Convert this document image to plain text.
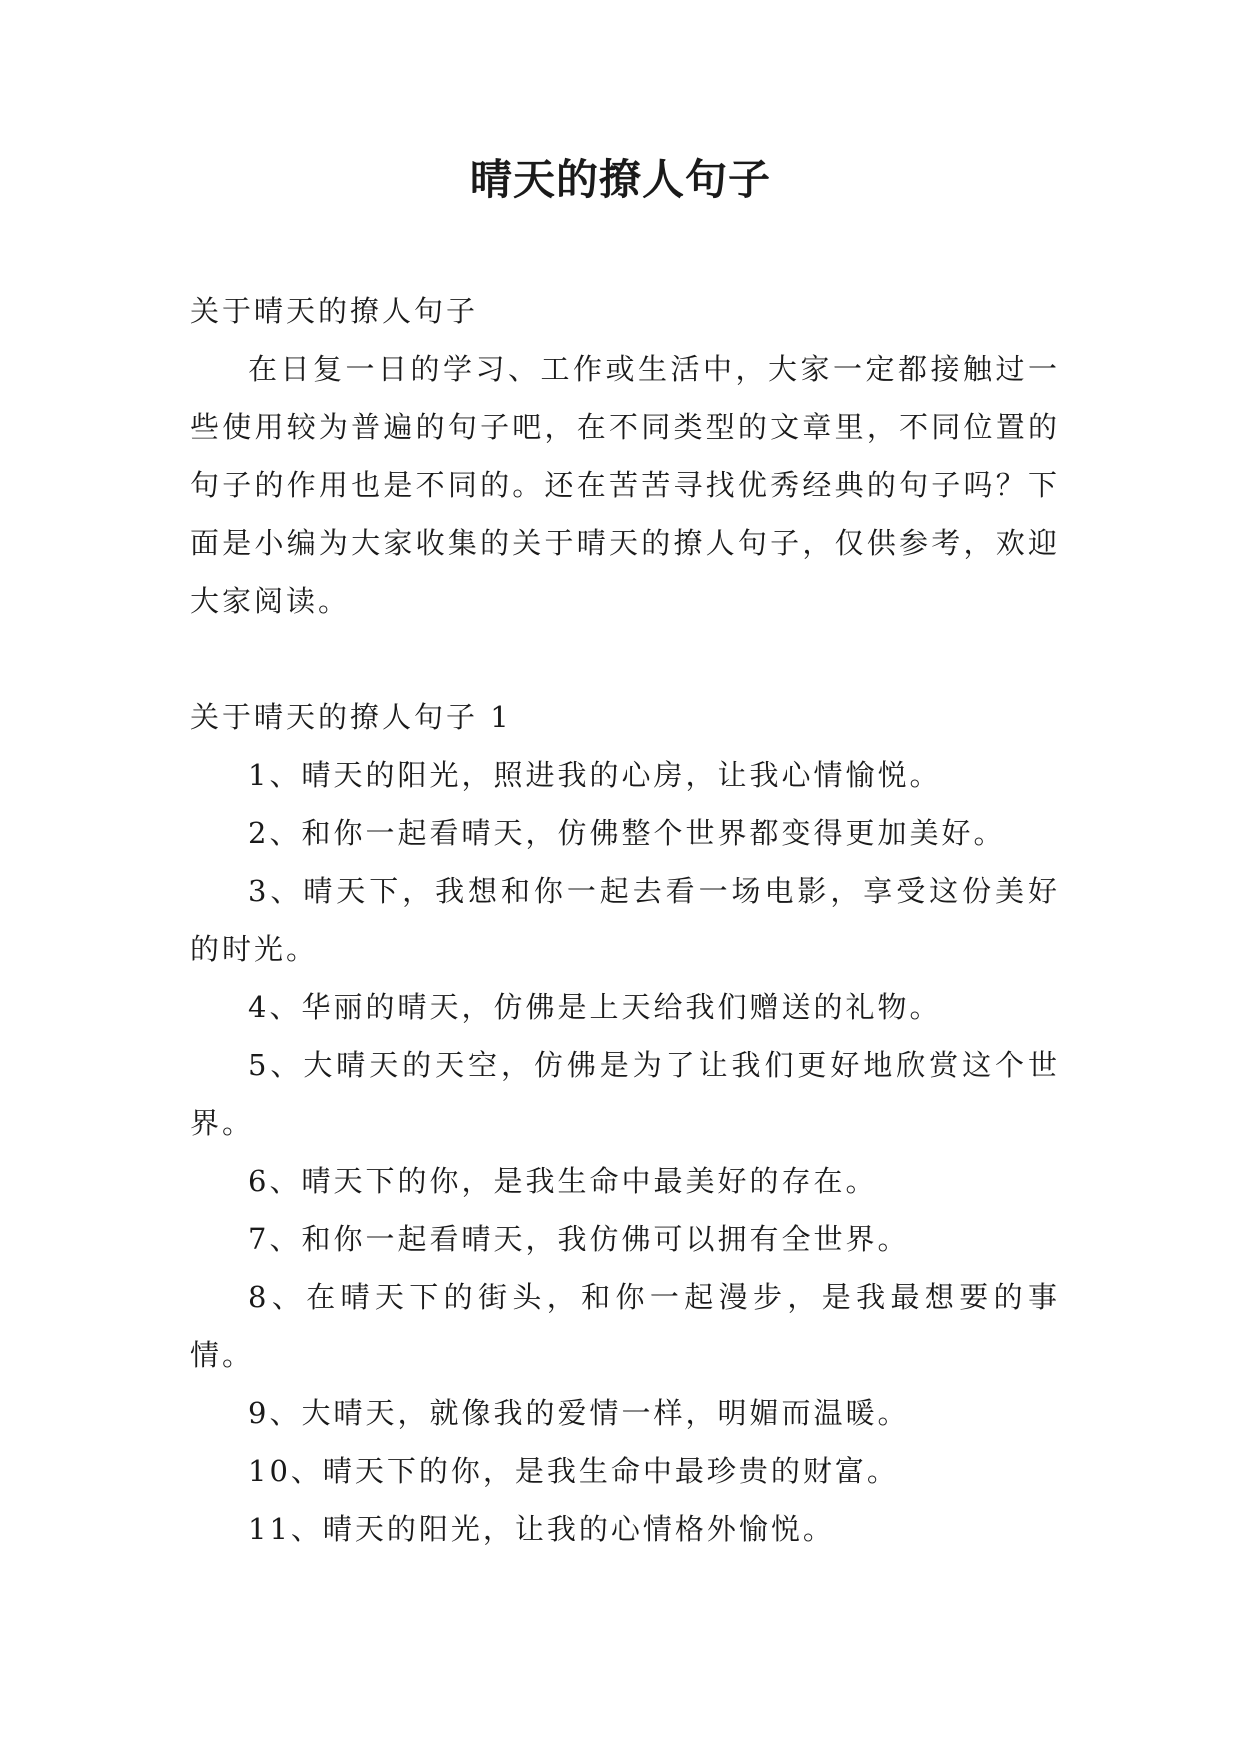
晴天的撩人句子

关于晴天的撩人句子

在日复一日的学习、工作或生活中，大家一定都接触过一些使用较为普遍的句子吧，在不同类型的文章里，不同位置的句子的作用也是不同的。还在苦苦寻找优秀经典的句子吗？下面是小编为大家收集的关于晴天的撩人句子，仅供参考，欢迎大家阅读。

关于晴天的撩人句子 1

1、晴天的阳光，照进我的心房，让我心情愉悦。

2、和你一起看晴天，仿佛整个世界都变得更加美好。

3、晴天下，我想和你一起去看一场电影，享受这份美好的时光。

4、华丽的晴天，仿佛是上天给我们赠送的礼物。

5、大晴天的天空，仿佛是为了让我们更好地欣赏这个世界。

6、晴天下的你，是我生命中最美好的存在。

7、和你一起看晴天，我仿佛可以拥有全世界。

8、在晴天下的街头，和你一起漫步，是我最想要的事情。

9、大晴天，就像我的爱情一样，明媚而温暖。

10、晴天下的你，是我生命中最珍贵的财富。

11、晴天的阳光，让我的心情格外愉悦。
